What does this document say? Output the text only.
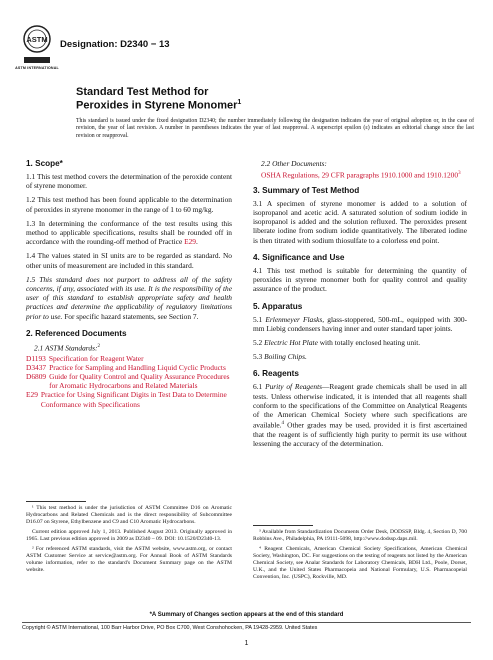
ASTM
ASTM INTERNATIONAL
Designation: D2340 − 13
Standard Test Method for
Peroxides in Styrene Monomer$^1$

This standard is issued under the fixed designation D2340; the number immediately following the designation indicates the year of original adoption or, in the case of revision, the year of last revision. A number in parentheses indicates the year of last reapproval. A superscript epsilon (ε) indicates an editorial change since the last revision or reapproval.

1. Scope*

1.1 This test method covers the determination of the peroxide content of styrene monomer.

1.2 This test method has been found applicable to the determination of peroxides in styrene monomer in the range of 1 to 60 mg/kg.

1.3 In determining the conformance of the test results using this method to applicable specifications, results shall be rounded off in accordance with the rounding-off method of Practice E29.

1.4 The values stated in SI units are to be regarded as standard. No other units of measurement are included in this standard.

1.5 This standard does not purport to address all of the safety concerns, if any, associated with its use. It is the responsibility of the user of this standard to establish appropriate safety and health practices and determine the applicability of regulatory limitations prior to use. For specific hazard statements, see Section 7.

2. Referenced Documents

2.1 ASTM Standards:$^2$

D1193 Specification for Reagent Water
D3437 Practice for Sampling and Handling Liquid Cyclic Products
D6809 Guide for Quality Control and Quality Assurance Procedures for Aromatic Hydrocarbons and Related Materials
E29 Practice for Using Significant Digits in Test Data to Determine Conformance with Specifications

¹ This test method is under the jurisdiction of ASTM Committee D16 on Aromatic Hydrocarbons and Related Chemicals and is the direct responsibility of Subcommittee D16.07 on Styrene, Ethylbenzene and C9 and C10 Aromatic Hydrocarbons.

Current edition approved July 1, 2013. Published August 2013. Originally approved in 1965. Last previous edition approved in 2009 as D2340 – 09. DOI: 10.1520/D2340-13.

² For referenced ASTM standards, visit the ASTM website, www.astm.org, or contact ASTM Customer Service at service@astm.org. For Annual Book of ASTM Standards volume information, refer to the standard's Document Summary page on the ASTM website.

2.2 Other Documents:

OSHA Regulations, 29 CFR paragraphs 1910.1000 and 1910.1200$^3$

3. Summary of Test Method

3.1 A specimen of styrene monomer is added to a solution of isopropanol and acetic acid. A saturated solution of sodium iodide in isopropanol is added and the solution refluxed. The peroxides present liberate iodine from sodium iodide quantitatively. The liberated iodine is then titrated with sodium thiosulfate to a colorless end point.

4. Significance and Use

4.1 This test method is suitable for determining the quantity of peroxides in styrene monomer both for quality control and quality assurance of the product.

5. Apparatus

5.1 Erlenmeyer Flasks, glass-stoppered, 500-mL, equipped with 300-mm Liebig condensers having inner and outer standard taper joints.

5.2 Electric Hot Plate with totally enclosed heating unit.

5.3 Boiling Chips.

6. Reagents

6.1 Purity of Reagents—Reagent grade chemicals shall be used in all tests. Unless otherwise indicated, it is intended that all reagents shall conform to the specifications of the Committee on Analytical Reagents of the American Chemical Society where such specifications are available.$^4$ Other grades may be used, provided it is first ascertained that the reagent is of sufficiently high purity to permit its use without lessening the accuracy of the determination.

³ Available from Standardization Documents Order Desk, DODSSP, Bldg. 4, Section D, 700 Robbins Ave., Philadelphia, PA 19111-5098, http://www.dodssp.daps.mil.

⁴ Reagent Chemicals, American Chemical Society Specifications, American Chemical Society, Washington, DC. For suggestions on the testing of reagents not listed by the American Chemical Society, see Analar Standards for Laboratory Chemicals, BDH Ltd., Poole, Dorset, U.K., and the United States Pharmacopeia and National Formulary, U.S. Pharmacopeial Convention, Inc. (USPC), Rockville, MD.

*A Summary of Changes section appears at the end of this standard
Copyright © ASTM International, 100 Barr Harbor Drive, PO Box C700, West Conshohocken, PA 19428-2959. United States
1
